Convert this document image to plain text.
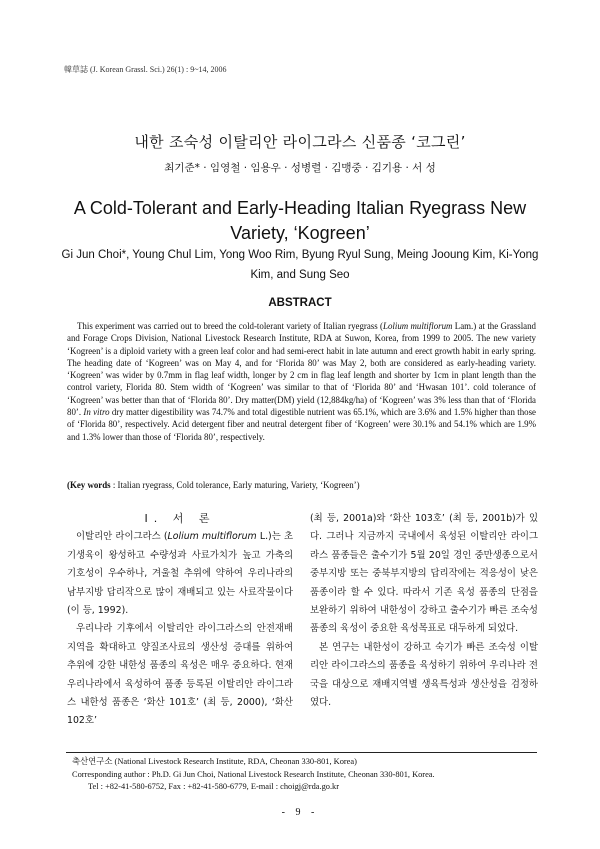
韓草誌 (J. Korean Grassl. Sci.) 26(1) : 9~14, 2006
내한 조숙성 이탈리안 라이그라스 신품종 ‘코그린’
최기준* · 임영철 · 임용우 · 성병렬 · 김맹중 · 김기용 · 서 성
A Cold-Tolerant and Early-Heading Italian Ryegrass New Variety, ‘Kogreen’
Gi Jun Choi*, Young Chul Lim, Yong Woo Rim, Byung Ryul Sung, Meing Jooung Kim, Ki-Yong Kim, and Sung Seo
ABSTRACT
This experiment was carried out to breed the cold-tolerant variety of Italian ryegrass (Lolium multiflorum Lam.) at the Grassland and Forage Crops Division, National Livestock Research Institute, RDA at Suwon, Korea, from 1999 to 2005. The new variety ‘Kogreen’ is a diploid variety with a green leaf color and had semi-erect habit in late autumn and erect growth habit in early spring. The heading date of ‘Kogreen’ was on May 4, and for ‘Florida 80’ was May 2, both are considered as early-heading variety. ‘Kogreen’ was wider by 0.7mm in flag leaf width, longer by 2 cm in flag leaf length and shorter by 1cm in plant length than the control variety, Florida 80. Stem width of ‘Kogreen’ was similar to that of ‘Florida 80’ and ‘Hwasan 101’. cold tolerance of ‘Kogreen’ was better than that of ‘Florida 80’. Dry matter(DM) yield (12,884kg/ha) of ‘Kogreen’ was 3% less than that of ‘Florida 80’. In vitro dry matter digestibility was 74.7% and total digestible nutrient was 65.1%, which are 3.6% and 1.5% higher than those of ‘Florida 80’, respectively. Acid detergent fiber and neutral detergent fiber of ‘Kogreen’ were 30.1% and 54.1% which are 1.9% and 1.3% lower than those of ‘Florida 80’, respectively.
(Key words : Italian ryegrass, Cold tolerance, Early maturing, Variety, ‘Kogreen’)

Ⅰ. 서 론

이탈리안 라이그라스 (Lolium multiflorum L.)는 초기생육이 왕성하고 수량성과 사료가치가 높고 가축의 기호성이 우수하나, 겨울철 추위에 약하여 우리나라의 남부지방 답리작으로 많이 재배되고 있는 사료작물이다(이 등, 1992).

우리나라 기후에서 이탈리안 라이그라스의 안전재배지역을 확대하고 양질조사료의 생산성 증대를 위하여 추위에 강한 내한성 품종의 육성은 매우 중요하다. 현재 우리나라에서 육성하여 품종 등록된 이탈리안 라이그라스 내한성 품종은 ‘화산 101호’ (최 등, 2000), ‘화산 102호’

(최 등, 2001a)와 ‘화산 103호’ (최 등, 2001b)가 있다. 그러나 지금까지 국내에서 육성된 이탈리안 라이그라스 품종들은 출수기가 5월 20일 경인 중만생종으로서 중부지방 또는 중북부지방의 답리작에는 적응성이 낮은 품종이라 할 수 있다. 따라서 기존 육성 품종의 단점을 보완하기 위하여 내한성이 강하고 출수기가 빠른 조숙성 품종의 육성이 중요한 육성목표로 대두하게 되었다.

본 연구는 내한성이 강하고 숙기가 빠른 조숙성 이탈리안 라이그라스의 품종을 육성하기 위하여 우리나라 전국을 대상으로 재배지역별 생육특성과 생산성을 검정하였다.

축산연구소 (National Livestock Research Institute, RDA, Cheonan 330-801, Korea)
Corresponding author : Ph.D. Gi Jun Choi, National Livestock Research Institute, Cheonan 330-801, Korea.
Tel : +82-41-580-6752, Fax : +82-41-580-6779, E-mail : choigj@rda.go.kr
- 9 -
